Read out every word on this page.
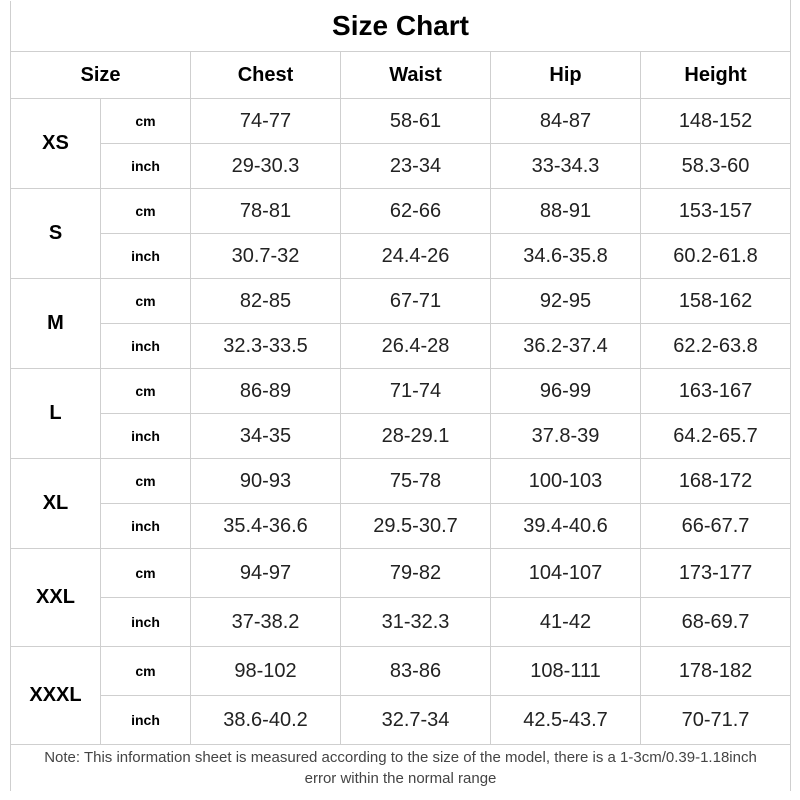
Size Chart					
Size		Chest	Waist	Hip	Height
XS	cm	74-77	58-61	84-87	148-152
	inch	29-30.3	23-34	33-34.3	58.3-60
S	cm	78-81	62-66	88-91	153-157
	inch	30.7-32	24.4-26	34.6-35.8	60.2-61.8
M	cm	82-85	67-71	92-95	158-162
	inch	32.3-33.5	26.4-28	36.2-37.4	62.2-63.8
L	cm	86-89	71-74	96-99	163-167
	inch	34-35	28-29.1	37.8-39	64.2-65.7
XL	cm	90-93	75-78	100-103	168-172
	inch	35.4-36.6	29.5-30.7	39.4-40.6	66-67.7
XXL	cm	94-97	79-82	104-107	173-177
	inch	37-38.2	31-32.3	41-42	68-69.7
XXXL	cm	98-102	83-86	108-111	178-182
	inch	38.6-40.2	32.7-34	42.5-43.7	70-71.7

Note: This information sheet is measured according to the size of the model, there is a 1-3cm/0.39-1.18inch
error within the normal range					
